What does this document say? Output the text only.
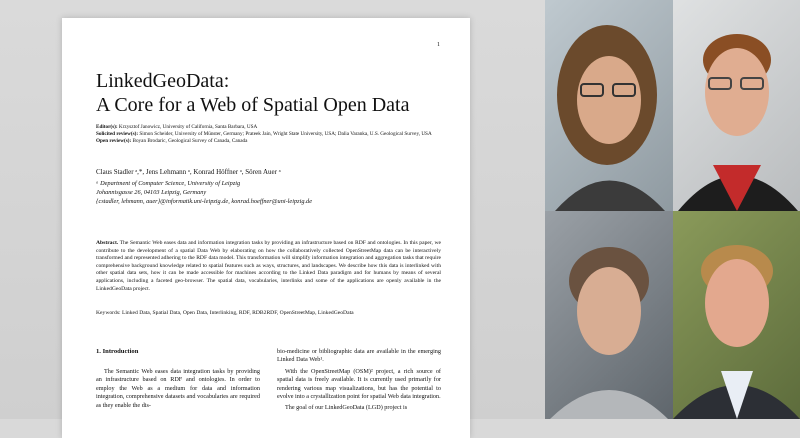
1
LinkedGeoData:
A Core for a Web of Spatial Open Data
Editor(s): Krzysztof Janowicz, University of California, Santa Barbara, USA
Solicited review(s): Simon Scheider, University of Münster, Germany; Prateek Jain, Wright State University, USA; Dalia Varanka, U.S. Geological Survey, USA
Open review(s): Boyan Brodaric, Geological Survey of Canada, Canada
Claus Stadler ᵃ,*, Jens Lehmann ᵃ, Konrad Höffner ᵃ, Sören Auer ᵃ
ᵃ Department of Computer Science, University of Leipzig
Johannisgasse 26, 04103 Leipzig, Germany
{cstadler, lehmann, auer}@informatik.uni-leipzig.de, konrad.hoeffner@uni-leipzig.de
Abstract. The Semantic Web eases data and information integration tasks by providing an infrastructure based on RDF and ontologies. In this paper, we contribute to the development of a spatial Data Web by elaborating on how the collaboratively collected OpenStreetMap data can be interactively transformed and represented adhering to the RDF data model. This transformation will simplify information integration and aggregation tasks that require comprehensive background knowledge related to spatial features such as ways, structures, and landscapes. We describe how this data is interlinked with other spatial data sets, how it can be made accessible for machines according to the Linked Data paradigm and for humans by means of several applications, including a faceted geo-browser. The spatial data, vocabularies, interlinks and some of the applications are openly available in the LinkedGeoData project.
Keywords: Linked Data, Spatial Data, Open Data, Interlinking, RDF, RDB2RDF, OpenStreetMap, LinkedGeoData
1. Introduction

The Semantic Web eases data integration tasks by providing an infrastructure based on RDF and ontologies. In order to employ the Web as a medium for data and information integration, comprehensive datasets and vocabularies are required as they enable the dis-

bio-medicine or bibliographic data are available in the emerging Linked Data Web¹.

With the OpenStreetMap (OSM)² project, a rich source of spatial data is freely available. It is currently used primarily for rendering various map visualizations, but has the potential to evolve into a crystallization point for spatial Web data integration.

The goal of our LinkedGeoData (LGD) project is
